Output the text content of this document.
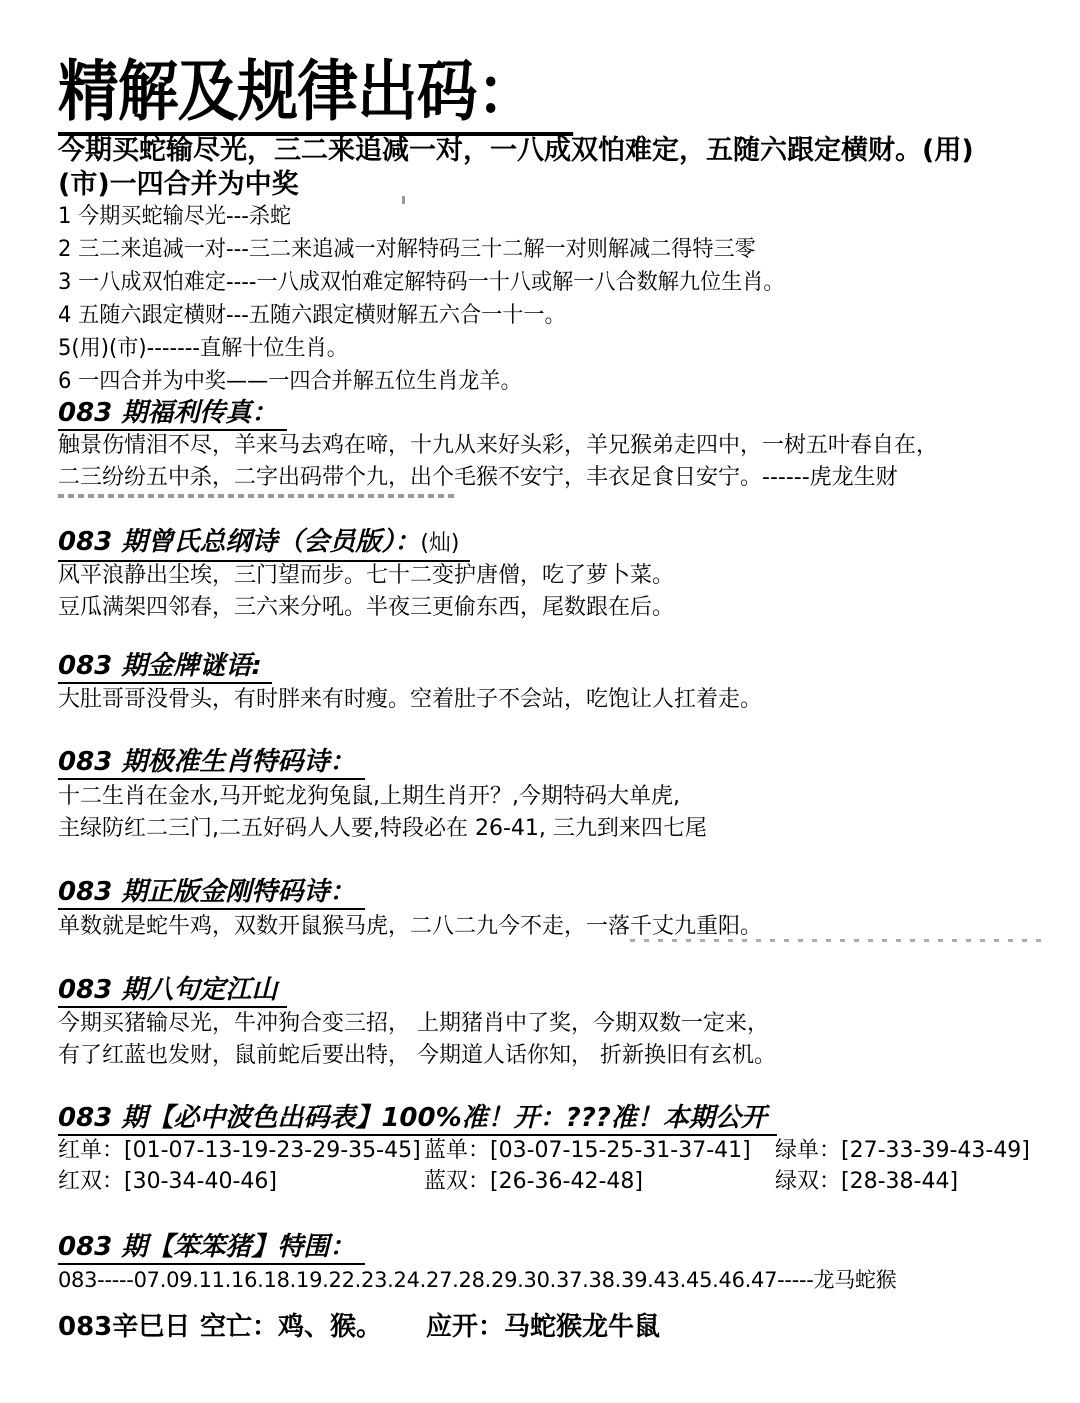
精解及规律出码：
今期买蛇输尽光，三二来追减一对，一八成双怕难定，五随六跟定横财。(用)
(市)一四合并为中奖
1 今期买蛇输尽光---杀蛇
2 三二来追减一对---三二来追减一对解特码三十二解一对则解减二得特三零
3 一八成双怕难定----一八成双怕难定解特码一十八或解一八合数解九位生肖。
4 五随六跟定横财---五随六跟定横财解五六合一十一。
5(用)(市)-------直解十位生肖。
6 一四合并为中奖——一四合并解五位生肖龙羊。
083 期福利传真：
触景伤情泪不尽，羊来马去鸡在啼，十九从来好头彩，羊兄猴弟走四中，一树五叶春自在，
二三纷纷五中杀，二字出码带个九，出个毛猴不安宁，丰衣足食日安宁。------虎龙生财
083 期曾氏总纲诗（会员版）：(灿)
风平浪静出尘埃，三门望而步。七十二变护唐僧，吃了萝卜菜。
豆瓜满架四邻春，三六来分吼。半夜三更偷东西，尾数跟在后。
083 期金牌谜语:
大肚哥哥没骨头，有时胖来有时瘦。空着肚子不会站，吃饱让人扛着走。
083 期极准生肖特码诗：
十二生肖在金水,马开蛇龙狗兔鼠,上期生肖开？,今期特码大单虎,
主绿防红二三门,二五好码人人要,特段必在 26-41, 三九到来四七尾
083 期正版金刚特码诗：
单数就是蛇牛鸡，双数开鼠猴马虎，二八二九今不走，一落千丈九重阳。
083 期八句定江山
今期买猪输尽光，牛冲狗合变三招， 上期猪肖中了奖，今期双数一定来，
有了红蓝也发财，鼠前蛇后要出特， 今期道人话你知， 折新换旧有玄机。
083 期【必中波色出码表】100%准！开：???准！本期公开
红单：[01-07-13-19-23-29-35-45] 蓝单：[03-07-15-25-31-37-41] 绿单：[27-33-39-43-49]
红双：[30-34-40-46]	蓝双：[26-36-42-48]	绿双：[28-38-44]
083 期【笨笨猪】特围：
083-----07.09.11.16.18.19.22.23.24.27.28.29.30.37.38.39.43.45.46.47-----龙马蛇猴
083辛巳日 空亡：鸡、猴。 应开：马蛇猴龙牛鼠
